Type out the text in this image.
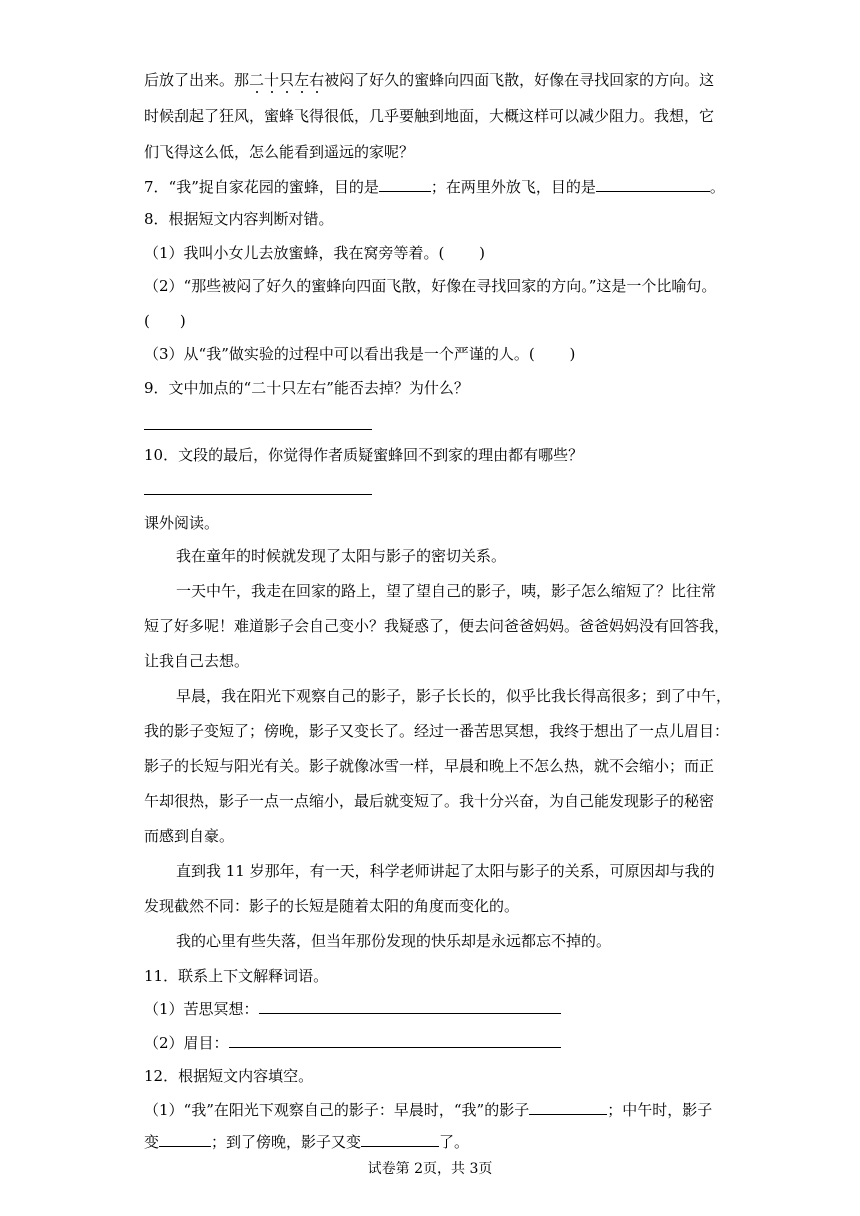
后放了出来。那二十只左右被闷了好久的蜜蜂向四面飞散，好像在寻找回家的方向。这
时候刮起了狂风，蜜蜂飞得很低，几乎要触到地面，大概这样可以减少阻力。我想，它
们飞得这么低，怎么能看到遥远的家呢？
7．“我”捉自家花园的蜜蜂，目的是	；在两里外放飞，目的是	。
8．根据短文内容判断对错。
（1）我叫小女儿去放蜜蜂，我在窝旁等着。(　　 )
（2）“那些被闷了好久的蜜蜂向四面飞散，好像在寻找回家的方向。”这是一个比喻句。
(　　)
（3）从“我”做实验的过程中可以看出我是一个严谨的人。(　　 )
9．文中加点的“二十只左右”能否去掉？为什么？
10．文段的最后，你觉得作者质疑蜜蜂回不到家的理由都有哪些？
课外阅读。
我在童年的时候就发现了太阳与影子的密切关系。
一天中午，我走在回家的路上，望了望自己的影子，咦，影子怎么缩短了？比往常
短了好多呢！难道影子会自己变小？我疑惑了，便去问爸爸妈妈。爸爸妈妈没有回答我，
让我自己去想。
早晨，我在阳光下观察自己的影子，影子长长的，似乎比我长得高很多；到了中午，
我的影子变短了；傍晚，影子又变长了。经过一番苦思冥想，我终于想出了一点儿眉目：
影子的长短与阳光有关。影子就像冰雪一样，早晨和晚上不怎么热，就不会缩小；而正
午却很热，影子一点一点缩小，最后就变短了。我十分兴奋，为自己能发现影子的秘密
而感到自豪。
直到我 11 岁那年，有一天，科学老师讲起了太阳与影子的关系，可原因却与我的
发现截然不同：影子的长短是随着太阳的角度而变化的。
我的心里有些失落，但当年那份发现的快乐却是永远都忘不掉的。
11．联系上下文解释词语。
（1）苦思冥想：
（2）眉目：
12．根据短文内容填空。
（1）“我”在阳光下观察自己的影子：早晨时，“我”的影子	；中午时，影子
变	；到了傍晚，影子又变	了。
试卷第 2页，共 3页
